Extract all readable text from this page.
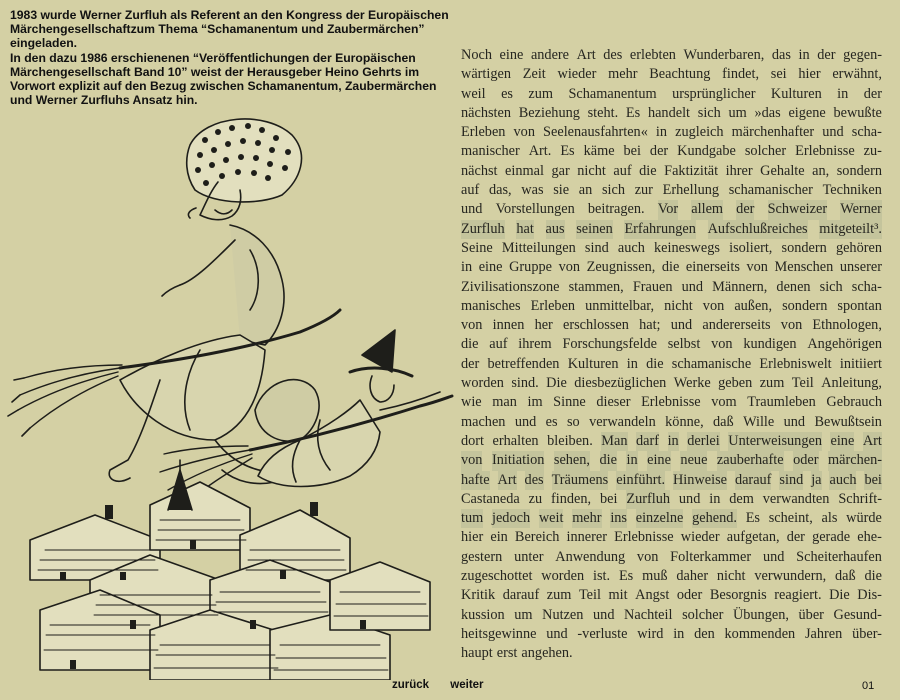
1983 wurde Werner Zurfluh als Referent an den Kongress der Europäischen Märchengesellschaftzum Thema “Schamanentum und Zaubermärchen” eingeladen.

In den dazu 1986 erschienenen “Veröffentlichungen der Europäischen Märchengesellschaft Band 10” weist der Herausgeber Heino Gehrts im Vorwort explizit auf den Bezug zwischen Schamanentum, Zaubermärchen und Werner Zurfluhs Ansatz hin.

Noch eine andere Art des erlebten Wunderbaren, das in der gegen-
wärtigen Zeit wieder mehr Beachtung findet, sei hier erwähnt,
weil es zum Schamanentum ursprünglicher Kulturen in der
nächsten Beziehung steht. Es handelt sich um »das eigene bewußte
Erleben von Seelenausfahrten« in zugleich märchenhafter und scha-
manischer Art. Es käme bei der Kundgabe solcher Erlebnisse zu-
nächst einmal gar nicht auf die Faktizität ihrer Gehalte an, sondern
auf das, was sie an sich zur Erhellung schamanischer Techniken
und Vorstellungen beitragen. Vor allem der Schweizer Werner
Zurfluh hat aus seinen Erfahrungen Aufschlußreiches mitgeteilt³.
Seine Mitteilungen sind auch keineswegs isoliert, sondern gehören
in eine Gruppe von Zeugnissen, die einerseits von Menschen unserer
Zivilisationszone stammen, Frauen und Männern, denen sich scha-
manisches Erleben unmittelbar, nicht von außen, sondern spontan
von innen her erschlossen hat; und andererseits von Ethnologen,
die auf ihrem Forschungsfelde selbst von kundigen Angehörigen
der betreffenden Kulturen in die schamanische Erlebniswelt initiiert
worden sind. Die diesbezüglichen Werke geben zum Teil Anleitung,
wie man im Sinne dieser Erlebnisse vom Traumleben Gebrauch
machen und es so verwandeln könne, daß Wille und Bewußtsein
dort erhalten bleiben. Man darf in derlei Unterweisungen eine Art
von Initiation sehen, die in eine neue zauberhafte oder märchen-
hafte Art des Träumens einführt. Hinweise darauf sind ja auch bei
Castaneda zu finden, bei Zurfluh und in dem verwandten Schrift-
tum jedoch weit mehr ins einzelne gehend. Es scheint, als würde
hier ein Bereich innerer Erlebnisse wieder aufgetan, der gerade ehe-
gestern unter Anwendung von Folterkammer und Scheiterhaufen
zugeschottet worden ist. Es muß daher nicht verwundern, daß die
Kritik darauf zum Teil mit Angst oder Besorgnis reagiert. Die Dis-
kussion um Nutzen und Nachteil solcher Übungen, über Gesund-
heitsgewinne und -verluste wird in den kommenden Jahren über-
haupt erst angehen.
zurück weiter	01
